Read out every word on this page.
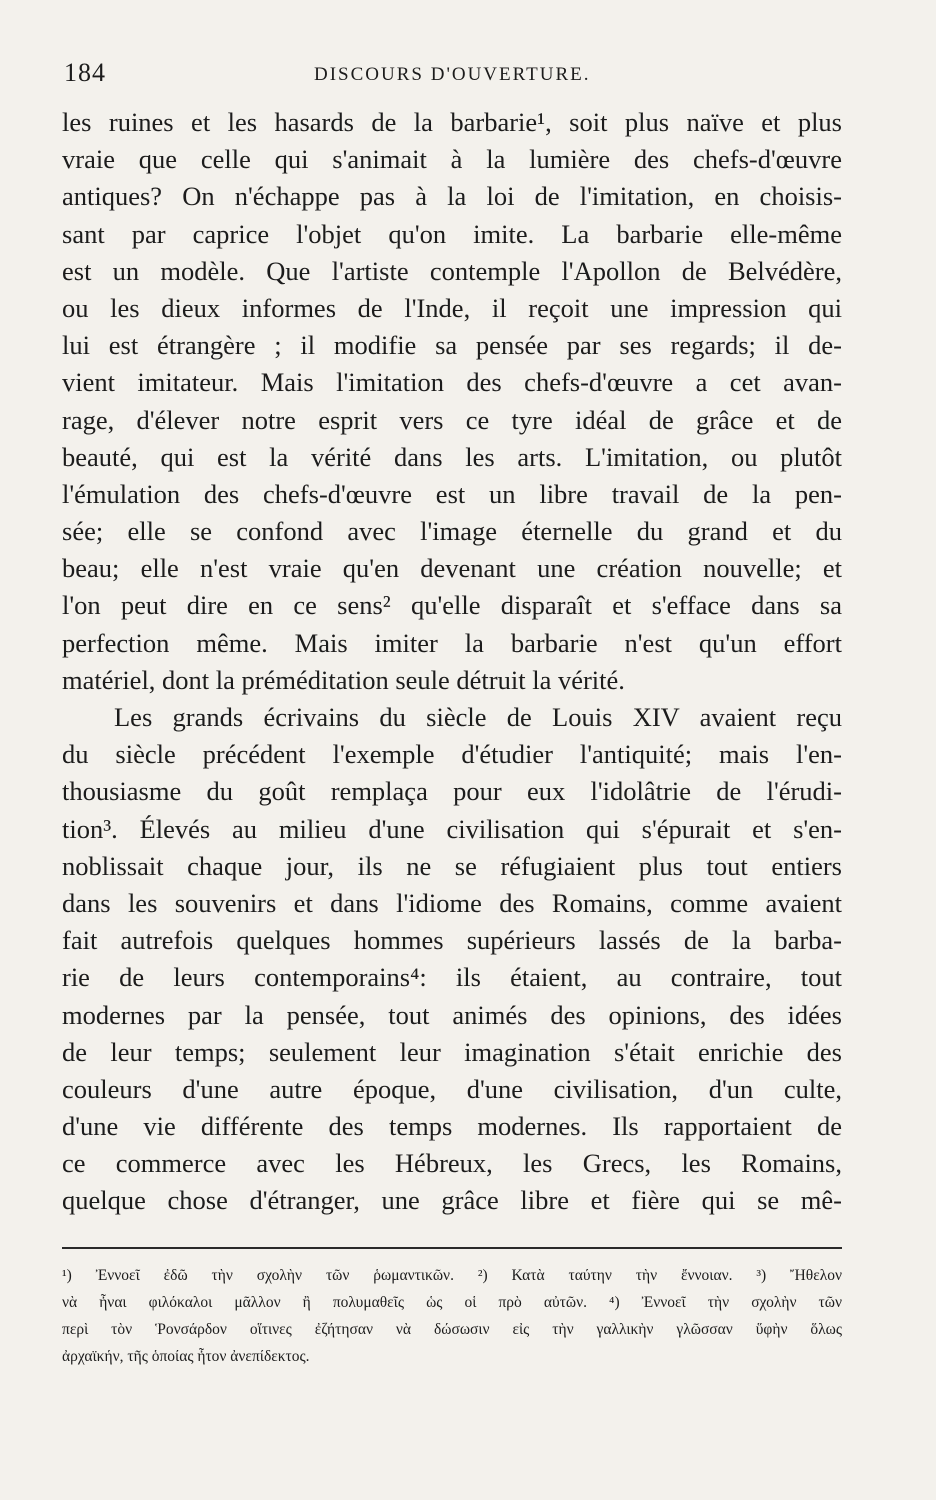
184	DISCOURS D'OUVERTURE.
les ruines et les hasards de la barbarie¹, soit plus naïve et plus
vraie que celle qui s'animait à la lumière des chefs-d'œuvre
antiques? On n'échappe pas à la loi de l'imitation, en choisis-
sant par caprice l'objet qu'on imite. La barbarie elle-même
est un modèle. Que l'artiste contemple l'Apollon de Belvédère,
ou les dieux informes de l'Inde, il reçoit une impression qui
lui est étrangère ; il modifie sa pensée par ses regards; il de-
vient imitateur. Mais l'imitation des chefs-d'œuvre a cet avan-
rage, d'élever notre esprit vers ce tyre idéal de grâce et de
beauté, qui est la vérité dans les arts. L'imitation, ou plutôt
l'émulation des chefs-d'œuvre est un libre travail de la pen-
sée; elle se confond avec l'image éternelle du grand et du
beau; elle n'est vraie qu'en devenant une création nouvelle; et
l'on peut dire en ce sens² qu'elle disparaît et s'efface dans sa
perfection même. Mais imiter la barbarie n'est qu'un effort
matériel, dont la préméditation seule détruit la vérité.
Les grands écrivains du siècle de Louis XIV avaient reçu
du siècle précédent l'exemple d'étudier l'antiquité; mais l'en-
thousiasme du goût remplaça pour eux l'idolâtrie de l'érudi-
tion³. Élevés au milieu d'une civilisation qui s'épurait et s'en-
noblissait chaque jour, ils ne se réfugiaient plus tout entiers
dans les souvenirs et dans l'idiome des Romains, comme avaient
fait autrefois quelques hommes supérieurs lassés de la barba-
rie de leurs contemporains⁴: ils étaient, au contraire, tout
modernes par la pensée, tout animés des opinions, des idées
de leur temps; seulement leur imagination s'était enrichie des
couleurs d'une autre époque, d'une civilisation, d'un culte,
d'une vie différente des temps modernes. Ils rapportaient de
ce commerce avec les Hébreux, les Grecs, les Romains,
quelque chose d'étranger, une grâce libre et fière qui se mê-
¹) Ἐννοεῖ ἐδῶ τὴν σχολὴν τῶν ῥωμαντικῶν. ²) Κατὰ ταύτην τὴν ἔννοιαν. ³) Ἤθελον
νὰ ἦναι φιλόκαλοι μᾶλλον ἢ πολυμαθεῖς ὡς οἱ πρὸ αὐτῶν. ⁴) Ἐννοεῖ τὴν σχολὴν τῶν
περὶ τὸν Ῥονσάρδον οἵτινες ἐζήτησαν νὰ δώσωσιν εἰς τὴν γαλλικὴν γλῶσσαν ὕφὴν ὅλως
ἀρχαϊκήν, τῆς ὁποίας ἦτον ἀνεπίδεκτος.
